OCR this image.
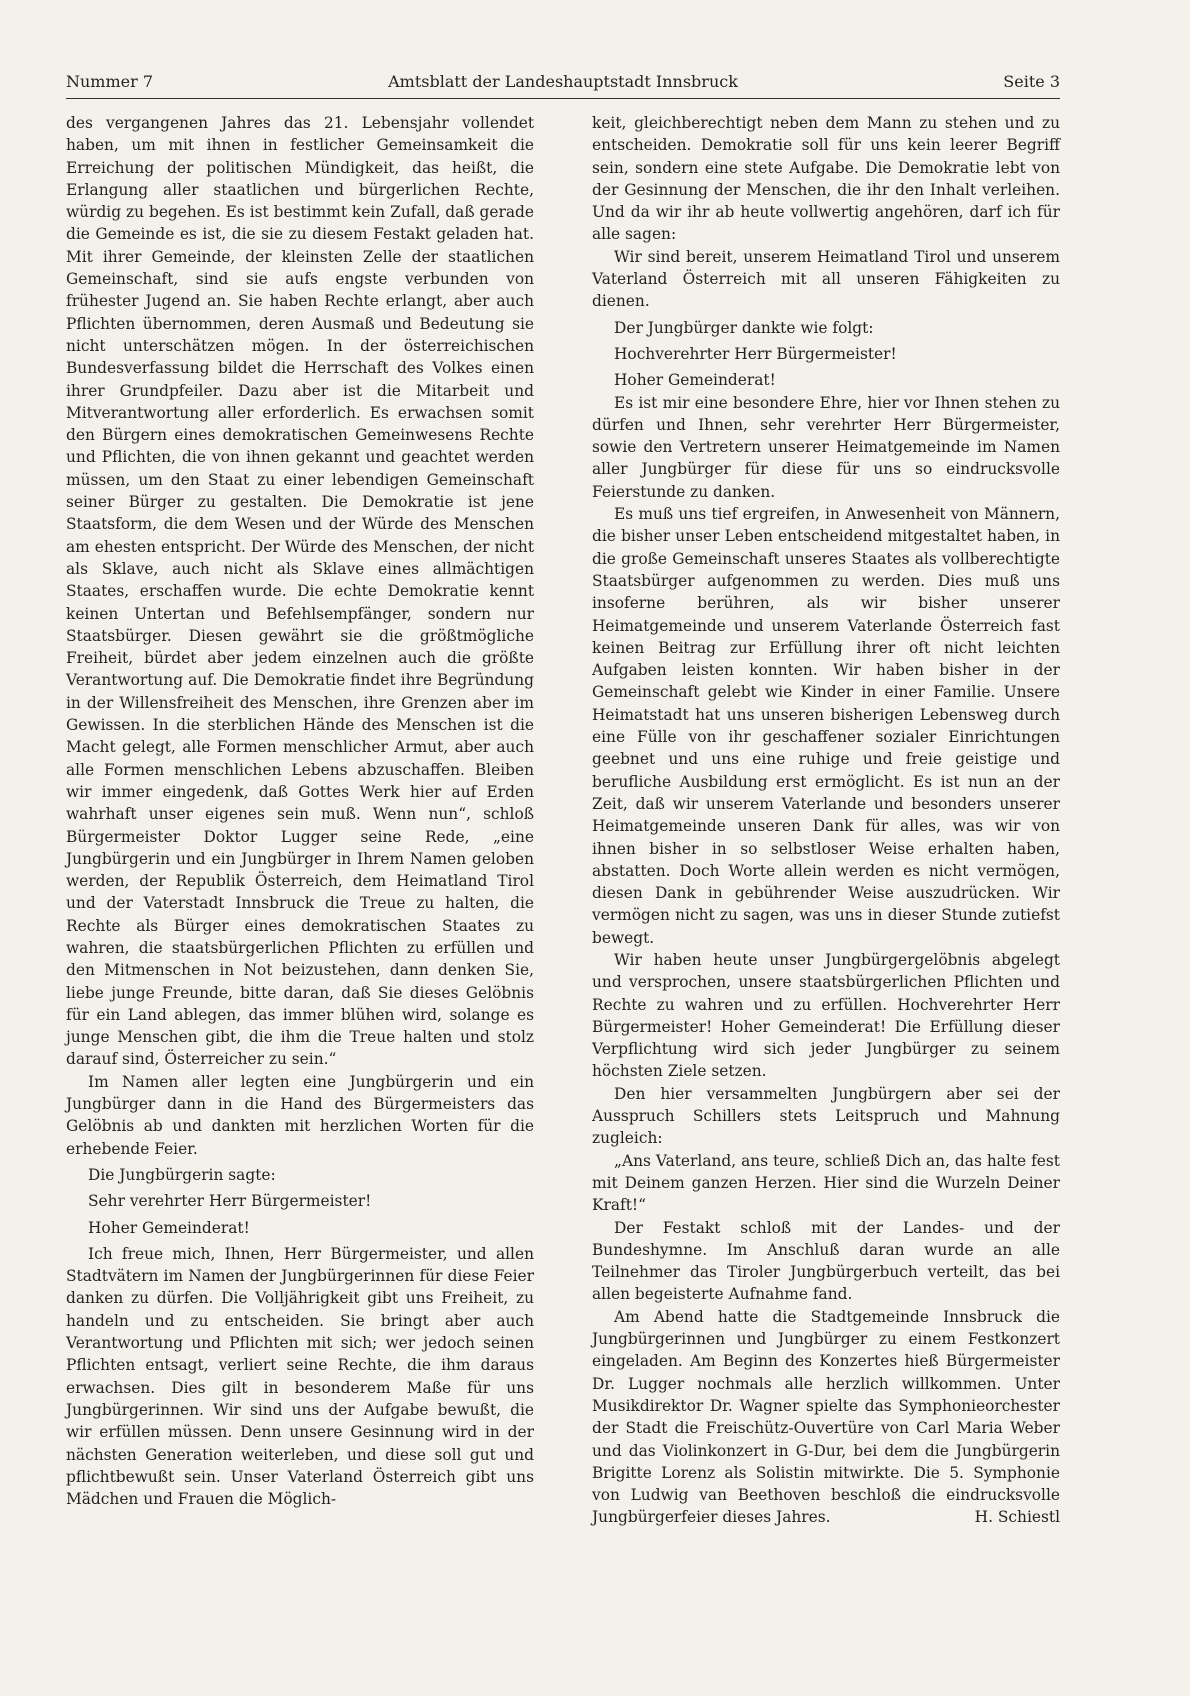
Nummer 7	Amtsblatt der Landeshauptstadt Innsbruck	Seite 3

des vergangenen Jahres das 21. Lebensjahr vollendet haben, um mit ihnen in festlicher Gemeinsamkeit die Erreichung der politischen Mündigkeit, das heißt, die Erlangung aller staatlichen und bürgerlichen Rechte, würdig zu begehen. Es ist bestimmt kein Zufall, daß gerade die Gemeinde es ist, die sie zu diesem Festakt geladen hat. Mit ihrer Gemeinde, der kleinsten Zelle der staatlichen Gemeinschaft, sind sie aufs engste verbunden von frühester Jugend an. Sie haben Rechte erlangt, aber auch Pflichten übernommen, deren Ausmaß und Bedeutung sie nicht unterschätzen mögen. In der österreichischen Bundesverfassung bildet die Herrschaft des Volkes einen ihrer Grundpfeiler. Dazu aber ist die Mitarbeit und Mitverantwortung aller erforderlich. Es erwachsen somit den Bürgern eines demokratischen Gemeinwesens Rechte und Pflichten, die von ihnen gekannt und geachtet werden müssen, um den Staat zu einer lebendigen Gemeinschaft seiner Bürger zu gestalten. Die Demokratie ist jene Staatsform, die dem Wesen und der Würde des Menschen am ehesten entspricht. Der Würde des Menschen, der nicht als Sklave, auch nicht als Sklave eines allmächtigen Staates, erschaffen wurde. Die echte Demokratie kennt keinen Untertan und Befehlsempfänger, sondern nur Staatsbürger. Diesen gewährt sie die größtmögliche Freiheit, bürdet aber jedem einzelnen auch die größte Verantwortung auf. Die Demokratie findet ihre Begründung in der Willensfreiheit des Menschen, ihre Grenzen aber im Gewissen. In die sterblichen Hände des Menschen ist die Macht gelegt, alle Formen menschlicher Armut, aber auch alle Formen menschlichen Lebens abzuschaffen. Bleiben wir immer eingedenk, daß Gottes Werk hier auf Erden wahrhaft unser eigenes sein muß. Wenn nun“, schloß Bürgermeister Doktor Lugger seine Rede, „eine Jungbürgerin und ein Jungbürger in Ihrem Namen geloben werden, der Republik Österreich, dem Heimatland Tirol und der Vaterstadt Innsbruck die Treue zu halten, die Rechte als Bürger eines demokratischen Staates zu wahren, die staatsbürgerlichen Pflichten zu erfüllen und den Mitmenschen in Not beizustehen, dann denken Sie, liebe junge Freunde, bitte daran, daß Sie dieses Gelöbnis für ein Land ablegen, das immer blühen wird, solange es junge Menschen gibt, die ihm die Treue halten und stolz darauf sind, Österreicher zu sein.“

Im Namen aller legten eine Jungbürgerin und ein Jungbürger dann in die Hand des Bürgermeisters das Gelöbnis ab und dankten mit herzlichen Worten für die erhebende Feier.

Die Jungbürgerin sagte:

Sehr verehrter Herr Bürgermeister!

Hoher Gemeinderat!

Ich freue mich, Ihnen, Herr Bürgermeister, und allen Stadtvätern im Namen der Jungbürgerinnen für diese Feier danken zu dürfen. Die Volljährigkeit gibt uns Freiheit, zu handeln und zu entscheiden. Sie bringt aber auch Verantwortung und Pflichten mit sich; wer jedoch seinen Pflichten entsagt, verliert seine Rechte, die ihm daraus erwachsen. Dies gilt in besonderem Maße für uns Jungbürgerinnen. Wir sind uns der Aufgabe bewußt, die wir erfüllen müssen. Denn unsere Gesinnung wird in der nächsten Generation weiterleben, und diese soll gut und pflichtbewußt sein. Unser Vaterland Österreich gibt uns Mädchen und Frauen die Möglich-

keit, gleichberechtigt neben dem Mann zu stehen und zu entscheiden. Demokratie soll für uns kein leerer Begriff sein, sondern eine stete Aufgabe. Die Demokratie lebt von der Gesinnung der Menschen, die ihr den Inhalt verleihen. Und da wir ihr ab heute vollwertig angehören, darf ich für alle sagen:

Wir sind bereit, unserem Heimatland Tirol und unserem Vaterland Österreich mit all unseren Fähigkeiten zu dienen.

Der Jungbürger dankte wie folgt:

Hochverehrter Herr Bürgermeister!

Hoher Gemeinderat!

Es ist mir eine besondere Ehre, hier vor Ihnen stehen zu dürfen und Ihnen, sehr verehrter Herr Bürgermeister, sowie den Vertretern unserer Heimatgemeinde im Namen aller Jungbürger für diese für uns so eindrucksvolle Feierstunde zu danken.

Es muß uns tief ergreifen, in Anwesenheit von Männern, die bisher unser Leben entscheidend mitgestaltet haben, in die große Gemeinschaft unseres Staates als vollberechtigte Staatsbürger aufgenommen zu werden. Dies muß uns insoferne berühren, als wir bisher unserer Heimatgemeinde und unserem Vaterlande Österreich fast keinen Beitrag zur Erfüllung ihrer oft nicht leichten Aufgaben leisten konnten. Wir haben bisher in der Gemeinschaft gelebt wie Kinder in einer Familie. Unsere Heimatstadt hat uns unseren bisherigen Lebensweg durch eine Fülle von ihr geschaffener sozialer Einrichtungen geebnet und uns eine ruhige und freie geistige und berufliche Ausbildung erst ermöglicht. Es ist nun an der Zeit, daß wir unserem Vaterlande und besonders unserer Heimatgemeinde unseren Dank für alles, was wir von ihnen bisher in so selbstloser Weise erhalten haben, abstatten. Doch Worte allein werden es nicht vermögen, diesen Dank in gebührender Weise auszudrücken. Wir vermögen nicht zu sagen, was uns in dieser Stunde zutiefst bewegt.

Wir haben heute unser Jungbürgergelöbnis abgelegt und versprochen, unsere staatsbürgerlichen Pflichten und Rechte zu wahren und zu erfüllen. Hochverehrter Herr Bürgermeister! Hoher Gemeinderat! Die Erfüllung dieser Verpflichtung wird sich jeder Jungbürger zu seinem höchsten Ziele setzen.

Den hier versammelten Jungbürgern aber sei der Ausspruch Schillers stets Leitspruch und Mahnung zugleich:

„Ans Vaterland, ans teure, schließ Dich an, das halte fest mit Deinem ganzen Herzen. Hier sind die Wurzeln Deiner Kraft!“

Der Festakt schloß mit der Landes- und der Bundeshymne. Im Anschluß daran wurde an alle Teilnehmer das Tiroler Jungbürgerbuch verteilt, das bei allen begeisterte Aufnahme fand.

Am Abend hatte die Stadtgemeinde Innsbruck die Jungbürgerinnen und Jungbürger zu einem Festkonzert eingeladen. Am Beginn des Konzertes hieß Bürgermeister Dr. Lugger nochmals alle herzlich willkommen. Unter Musikdirektor Dr. Wagner spielte das Symphonieorchester der Stadt die Freischütz-Ouvertüre von Carl Maria Weber und das Violinkonzert in G-Dur, bei dem die Jungbürgerin Brigitte Lorenz als Solistin mitwirkte. Die 5. Symphonie von Ludwig van Beethoven beschloß die eindrucksvolle Jungbürgerfeier dieses Jahres.	H. Schiestl
